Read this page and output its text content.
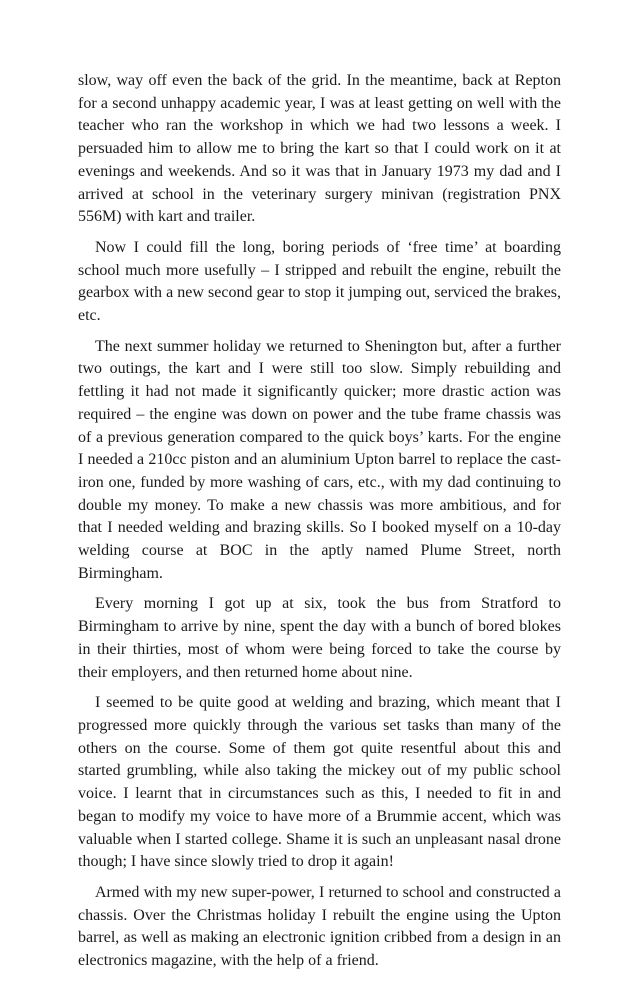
slow, way off even the back of the grid. In the meantime, back at Repton for a second unhappy academic year, I was at least getting on well with the teacher who ran the workshop in which we had two lessons a week. I persuaded him to allow me to bring the kart so that I could work on it at evenings and weekends. And so it was that in January 1973 my dad and I arrived at school in the veterinary surgery minivan (registration PNX 556M) with kart and trailer.

Now I could fill the long, boring periods of ‘free time’ at boarding school much more usefully – I stripped and rebuilt the engine, rebuilt the gearbox with a new second gear to stop it jumping out, serviced the brakes, etc.

The next summer holiday we returned to Shenington but, after a further two outings, the kart and I were still too slow. Simply rebuilding and fettling it had not made it significantly quicker; more drastic action was required – the engine was down on power and the tube frame chassis was of a previous generation compared to the quick boys’ karts. For the engine I needed a 210cc piston and an aluminium Upton barrel to replace the cast-iron one, funded by more washing of cars, etc., with my dad continuing to double my money. To make a new chassis was more ambitious, and for that I needed welding and brazing skills. So I booked myself on a 10-day welding course at BOC in the aptly named Plume Street, north Birmingham.

Every morning I got up at six, took the bus from Stratford to Birmingham to arrive by nine, spent the day with a bunch of bored blokes in their thirties, most of whom were being forced to take the course by their employers, and then returned home about nine.

I seemed to be quite good at welding and brazing, which meant that I progressed more quickly through the various set tasks than many of the others on the course. Some of them got quite resentful about this and started grumbling, while also taking the mickey out of my public school voice. I learnt that in circumstances such as this, I needed to fit in and began to modify my voice to have more of a Brummie accent, which was valuable when I started college. Shame it is such an unpleasant nasal drone though; I have since slowly tried to drop it again!

Armed with my new super-power, I returned to school and constructed a chassis. Over the Christmas holiday I rebuilt the engine using the Upton barrel, as well as making an electronic ignition cribbed from a design in an electronics magazine, with the help of a friend.
